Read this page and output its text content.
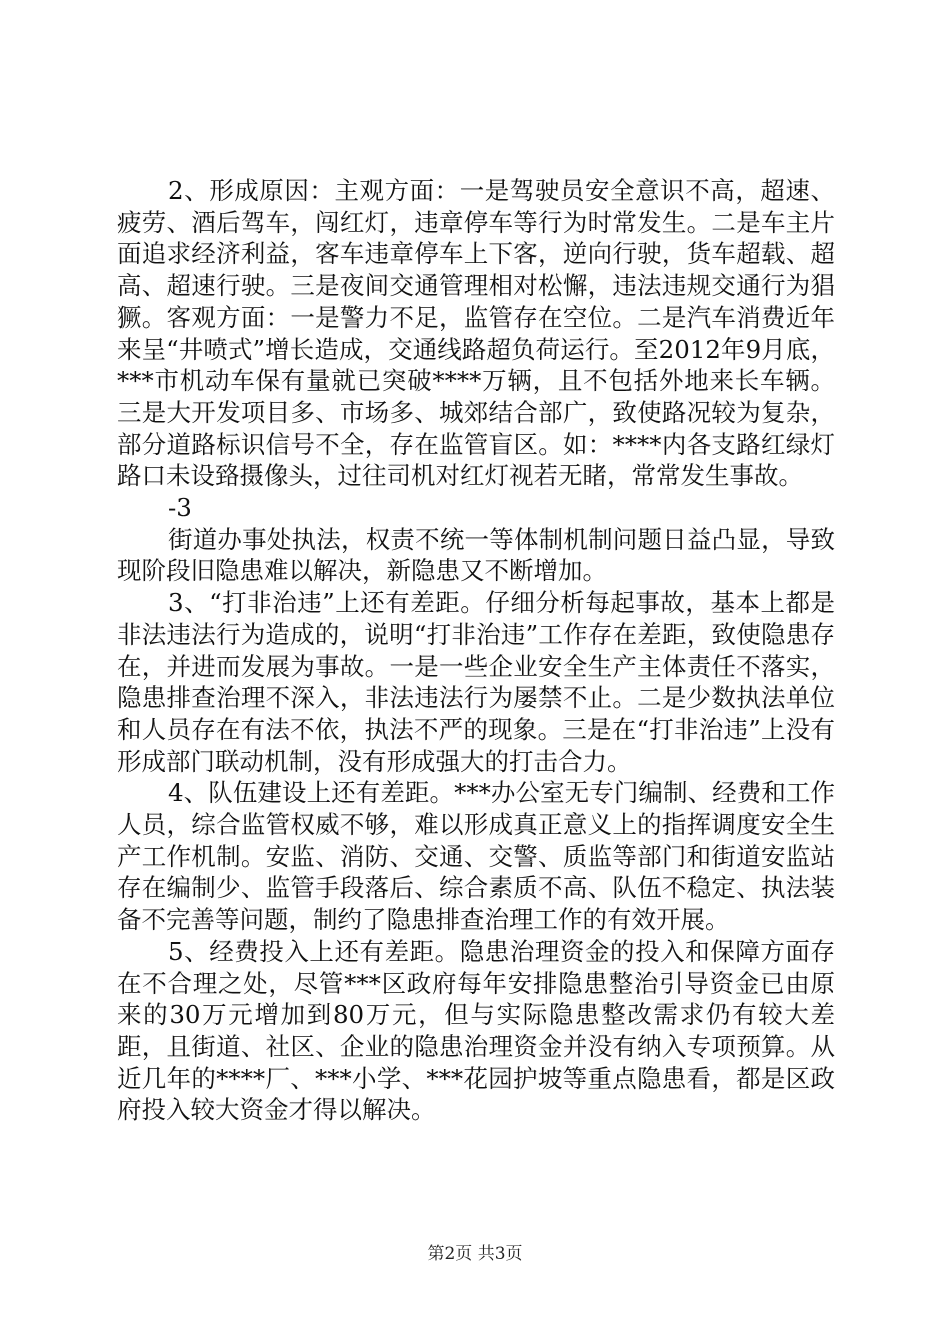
2、形成原因：主观方面：一是驾驶员安全意识不高，超速、疲劳、酒后驾车，闯红灯，违章停车等行为时常发生。二是车主片面追求经济利益，客车违章停车上下客，逆向行驶，货车超载、超高、超速行驶。三是夜间交通管理相对松懈，违法违规交通行为猖獗。客观方面：一是警力不足，监管存在空位。二是汽车消费近年来呈“井喷式”增长造成，交通线路超负荷运行。至2012年9月底，***市机动车保有量就已突破****万辆，且不包括外地来长车辆。三是大开发项目多、市场多、城郊结合部广，致使路况较为复杂，部分道路标识信号不全，存在监管盲区。如：****内各支路红绿灯路口未设臵摄像头，过往司机对红灯视若无睹，常常发生事故。

-3

街道办事处执法，权责不统一等体制机制问题日益凸显，导致现阶段旧隐患难以解决，新隐患又不断增加。

3、“打非治违”上还有差距。仔细分析每起事故，基本上都是非法违法行为造成的，说明“打非治违”工作存在差距，致使隐患存在，并进而发展为事故。一是一些企业安全生产主体责任不落实，隐患排查治理不深入，非法违法行为屡禁不止。二是少数执法单位和人员存在有法不依，执法不严的现象。三是在“打非治违”上没有形成部门联动机制，没有形成强大的打击合力。

4、队伍建设上还有差距。***办公室无专门编制、经费和工作人员，综合监管权威不够，难以形成真正意义上的指挥调度安全生产工作机制。安监、消防、交通、交警、质监等部门和街道安监站存在编制少、监管手段落后、综合素质不高、队伍不稳定、执法装备不完善等问题，制约了隐患排查治理工作的有效开展。

5、经费投入上还有差距。隐患治理资金的投入和保障方面存在不合理之处，尽管***区政府每年安排隐患整治引导资金已由原来的30万元增加到80万元，但与实际隐患整改需求仍有较大差距，且街道、社区、企业的隐患治理资金并没有纳入专项预算。从近几年的****厂、***小学、***花园护坡等重点隐患看，都是区政府投入较大资金才得以解决。

第2页 共3页
